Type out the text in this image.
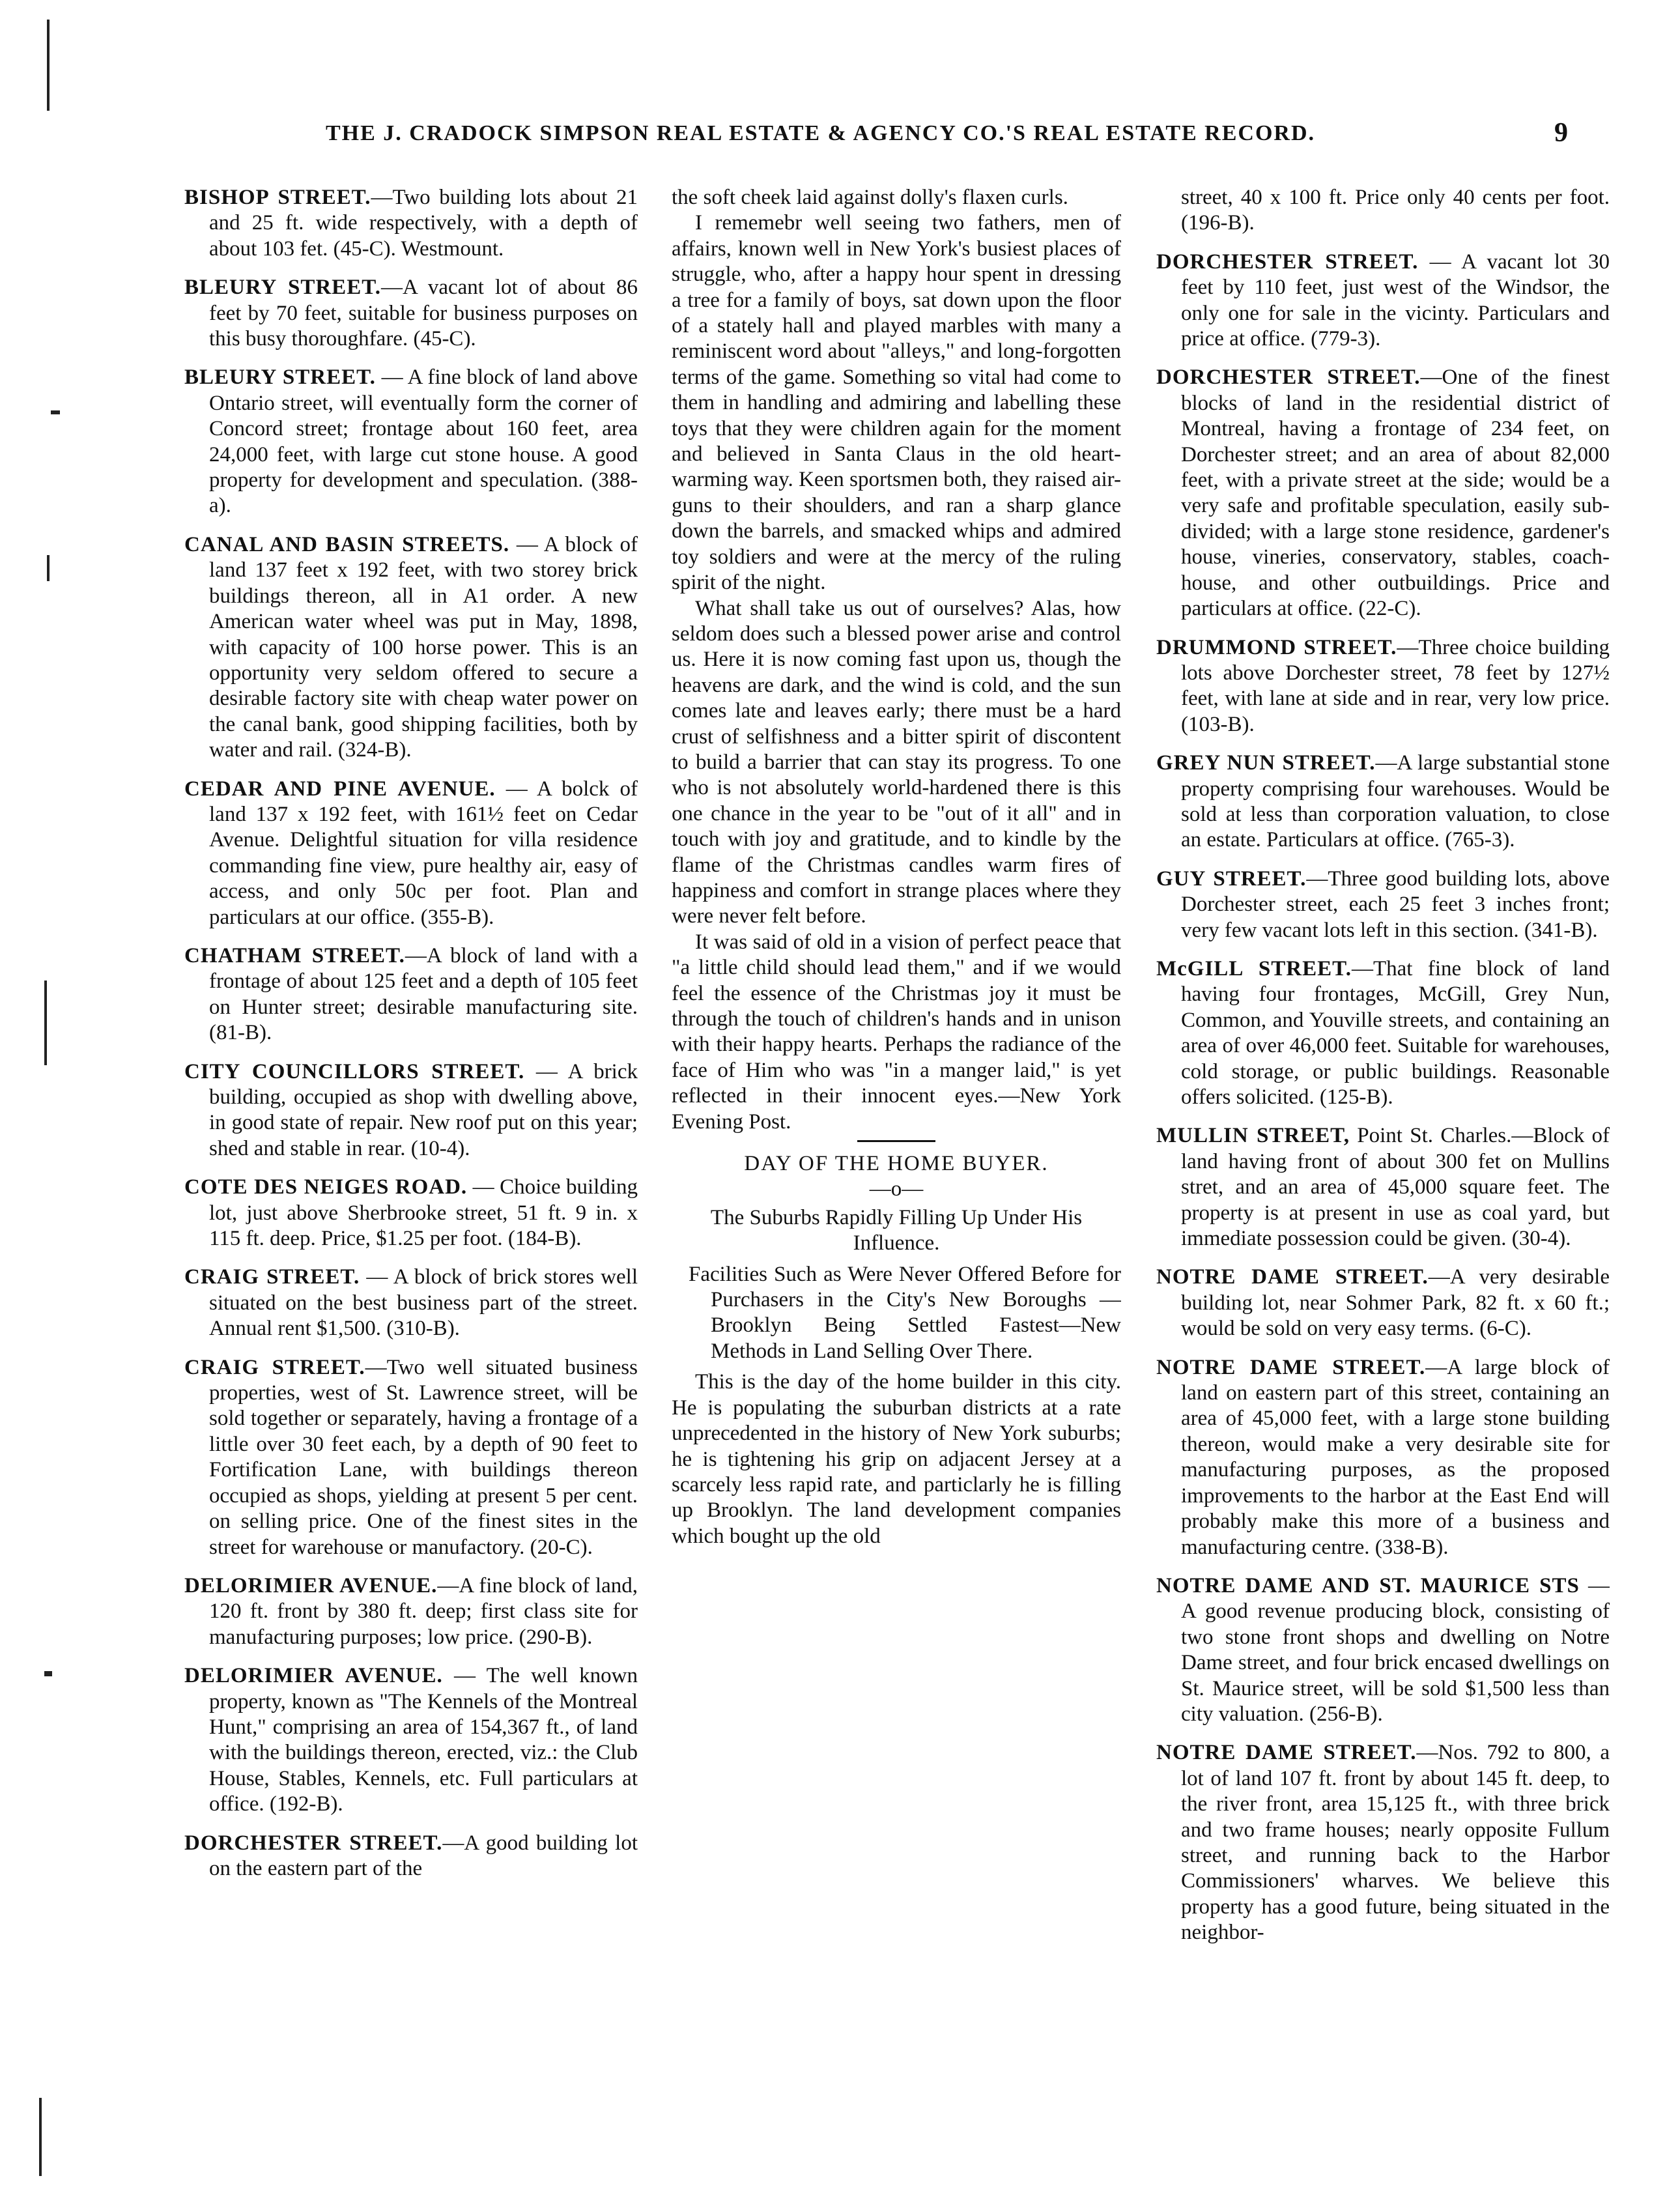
THE J. CRADOCK SIMPSON REAL ESTATE & AGENCY CO.'S REAL ESTATE RECORD.	9

BISHOP STREET.—Two building lots about 21 and 25 ft. wide respectively, with a depth of about 103 fet. (45-C). Westmount.

BLEURY STREET.—A vacant lot of about 86 feet by 70 feet, suitable for business purposes on this busy thoroughfare. (45-C).

BLEURY STREET. — A fine block of land above Ontario street, will eventually form the corner of Concord street; frontage about 160 feet, area 24,000 feet, with large cut stone house. A good property for development and speculation. (388-a).

CANAL AND BASIN STREETS. — A block of land 137 feet x 192 feet, with two storey brick buildings thereon, all in A1 order. A new American water wheel was put in May, 1898, with capacity of 100 horse power. This is an opportunity very seldom offered to secure a desirable factory site with cheap water power on the canal bank, good shipping facilities, both by water and rail. (324-B).

CEDAR AND PINE AVENUE. — A bolck of land 137 x 192 feet, with 161½ feet on Cedar Avenue. Delightful situation for villa residence commanding fine view, pure healthy air, easy of access, and only 50c per foot. Plan and particulars at our office. (355-B).

CHATHAM STREET.—A block of land with a frontage of about 125 feet and a depth of 105 feet on Hunter street; desirable manufacturing site. (81-B).

CITY COUNCILLORS STREET. — A brick building, occupied as shop with dwelling above, in good state of repair. New roof put on this year; shed and stable in rear. (10-4).

COTE DES NEIGES ROAD. — Choice building lot, just above Sherbrooke street, 51 ft. 9 in. x 115 ft. deep. Price, $1.25 per foot. (184-B).

CRAIG STREET. — A block of brick stores well situated on the best business part of the street. Annual rent $1,500. (310-B).

CRAIG STREET.—Two well situated business properties, west of St. Lawrence street, will be sold together or separately, having a frontage of a little over 30 feet each, by a depth of 90 feet to Fortification Lane, with buildings thereon occupied as shops, yielding at present 5 per cent. on selling price. One of the finest sites in the street for warehouse or manufactory. (20-C).

DELORIMIER AVENUE.—A fine block of land, 120 ft. front by 380 ft. deep; first class site for manufacturing purposes; low price. (290-B).

DELORIMIER AVENUE. — The well known property, known as "The Kennels of the Montreal Hunt," comprising an area of 154,367 ft., of land with the buildings thereon, erected, viz.: the Club House, Stables, Kennels, etc. Full particulars at office. (192-B).

DORCHESTER STREET.—A good building lot on the eastern part of the

the soft cheek laid against dolly's flaxen curls.

I rememebr well seeing two fathers, men of affairs, known well in New York's busiest places of struggle, who, after a happy hour spent in dressing a tree for a family of boys, sat down upon the floor of a stately hall and played marbles with many a reminiscent word about "alleys," and long-forgotten terms of the game. Something so vital had come to them in handling and admiring and labelling these toys that they were children again for the moment and believed in Santa Claus in the old heart-warming way. Keen sportsmen both, they raised air-guns to their shoulders, and ran a sharp glance down the barrels, and smacked whips and admired toy soldiers and were at the mercy of the ruling spirit of the night.

What shall take us out of ourselves? Alas, how seldom does such a blessed power arise and control us. Here it is now coming fast upon us, though the heavens are dark, and the wind is cold, and the sun comes late and leaves early; there must be a hard crust of selfishness and a bitter spirit of discontent to build a barrier that can stay its progress. To one who is not absolutely world-hardened there is this one chance in the year to be "out of it all" and in touch with joy and gratitude, and to kindle by the flame of the Christmas candles warm fires of happiness and comfort in strange places where they were never felt before.

It was said of old in a vision of perfect peace that "a little child should lead them," and if we would feel the essence of the Christmas joy it must be through the touch of children's hands and in unison with their happy hearts. Perhaps the radiance of the face of Him who was "in a manger laid," is yet reflected in their innocent eyes.—New York Evening Post.

DAY OF THE HOME BUYER.

—o—

The Suburbs Rapidly Filling Up Under His Influence.

Facilities Such as Were Never Offered Before for Purchasers in the City's New Boroughs — Brooklyn Being Settled Fastest—New Methods in Land Selling Over There.

This is the day of the home builder in this city. He is populating the suburban districts at a rate unprecedented in the history of New York suburbs; he is tightening his grip on adjacent Jersey at a scarcely less rapid rate, and particlarly he is filling up Brooklyn. The land development companies which bought up the old

street, 40 x 100 ft. Price only 40 cents per foot. (196-B).

DORCHESTER STREET. — A vacant lot 30 feet by 110 feet, just west of the Windsor, the only one for sale in the vicinty. Particulars and price at office. (779-3).

DORCHESTER STREET.—One of the finest blocks of land in the residential district of Montreal, having a frontage of 234 feet, on Dorchester street; and an area of about 82,000 feet, with a private street at the side; would be a very safe and profitable speculation, easily sub-divided; with a large stone residence, gardener's house, vineries, conservatory, stables, coach-house, and other outbuildings. Price and particulars at office. (22-C).

DRUMMOND STREET.—Three choice building lots above Dorchester street, 78 feet by 127½ feet, with lane at side and in rear, very low price. (103-B).

GREY NUN STREET.—A large substantial stone property comprising four warehouses. Would be sold at less than corporation valuation, to close an estate. Particulars at office. (765-3).

GUY STREET.—Three good building lots, above Dorchester street, each 25 feet 3 inches front; very few vacant lots left in this section. (341-B).

McGILL STREET.—That fine block of land having four frontages, McGill, Grey Nun, Common, and Youville streets, and containing an area of over 46,000 feet. Suitable for warehouses, cold storage, or public buildings. Reasonable offers solicited. (125-B).

MULLIN STREET, Point St. Charles.—Block of land having front of about 300 fet on Mullins stret, and an area of 45,000 square feet. The property is at present in use as coal yard, but immediate possession could be given. (30-4).

NOTRE DAME STREET.—A very desirable building lot, near Sohmer Park, 82 ft. x 60 ft.; would be sold on very easy terms. (6-C).

NOTRE DAME STREET.—A large block of land on eastern part of this street, containing an area of 45,000 feet, with a large stone building thereon, would make a very desirable site for manufacturing purposes, as the proposed improvements to the harbor at the East End will probably make this more of a business and manufacturing centre. (338-B).

NOTRE DAME AND ST. MAURICE STS — A good revenue producing block, consisting of two stone front shops and dwelling on Notre Dame street, and four brick encased dwellings on St. Maurice street, will be sold $1,500 less than city valuation. (256-B).

NOTRE DAME STREET.—Nos. 792 to 800, a lot of land 107 ft. front by about 145 ft. deep, to the river front, area 15,125 ft., with three brick and two frame houses; nearly opposite Fullum street, and running back to the Harbor Commissioners' wharves. We believe this property has a good future, being situated in the neighbor-
